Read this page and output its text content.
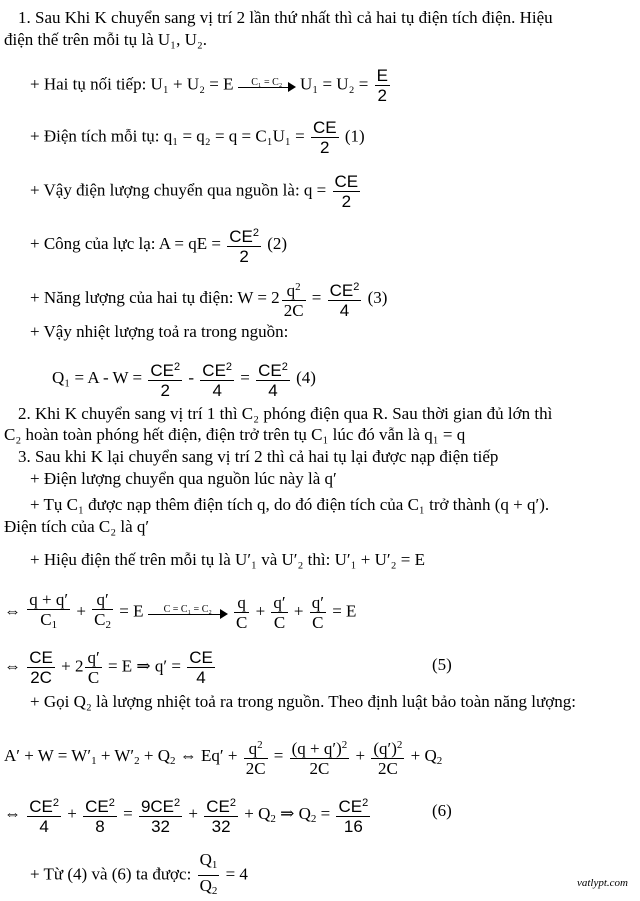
1. Sau Khi K chuyển sang vị trí 2 lần thứ nhất thì cả hai tụ điện tích điện. Hiệu
điện thế trên mỗi tụ là U₁, U₂.
+ Hai tụ nối tiếp: U₁ + U₂ = E	C₁ = C₂	$U_1 = U_2 = \frac{E}{2}$
+ Điện tích mỗi tụ: $q_1 = q_2 = q = C_1U_1 = \frac{CE}{2} (1)$
+ Vậy điện lượng chuyển qua nguồn là: $q = \frac{CE}{2}$
+ Công của lực lạ: A = qE = $\frac{CE^2}{2} (2)$
+ Năng lượng của hai tụ điện: $W = 2 \frac{q^2}{2C} = \frac{CE^2}{4} (3)$
+ Vậy nhiệt lượng toả ra trong nguồn:
$Q_1 = A - W = \frac{CE^2}{2} - \frac{CE^2}{4} = \frac{CE^2}{4} (4)$
2. Khi K chuyển sang vị trí 1 thì C₂ phóng điện qua R. Sau thời gian đủ lớn thì
C₂ hoàn toàn phóng hết điện, điện trở trên tụ C₁ lúc đó vẫn là q₁ = q
3. Sau khi K lại chuyển sang vị trí 2 thì cả hai tụ lại được nạp điện tiếp
+ Điện lượng chuyển qua nguồn lúc này là q′
+ Tụ C₁ được nạp thêm điện tích q, do đó điện tích của C₁ trở thành (q + q′).
Điện tích của C₂ là q′
+ Hiệu điện thế trên mỗi tụ là U′₁ và U′₂ thì: U′₁ + U′₂ = E
⇔ $\frac{q + q'}{C_1} + \frac{q'}{C_2} = E$	C = C₁ = C₂
	$\frac{q}{C} + \frac{q'}{C} + \frac{q'}{C} = E$
⇔ $\frac{CE}{2C} + 2 \frac{q'}{C} = E$ ⇒ $q' = \frac{CE}{4}$	(5)
+ Gọi Q₂ là lượng nhiệt toả ra trong nguồn. Theo định luật bảo toàn năng lượng:
$A' + W = W'_1 + W'_2 + Q_2$ ⇔ $Eq' + \frac{q^2}{2C} = \frac{(q + q')^2}{2C} + \frac{(q')^2}{2C} + Q_2$
⇔ $\frac{CE^2}{4} + \frac{CE^2}{8} = \frac{9CE^2}{32} + \frac{CE^2}{32} + Q_2$ ⇒ $Q_2 = \frac{CE^2}{16}$	(6)
+ Từ (4) và (6) ta được: $\frac{Q_1}{Q_2} = 4$	vatlypt.com
